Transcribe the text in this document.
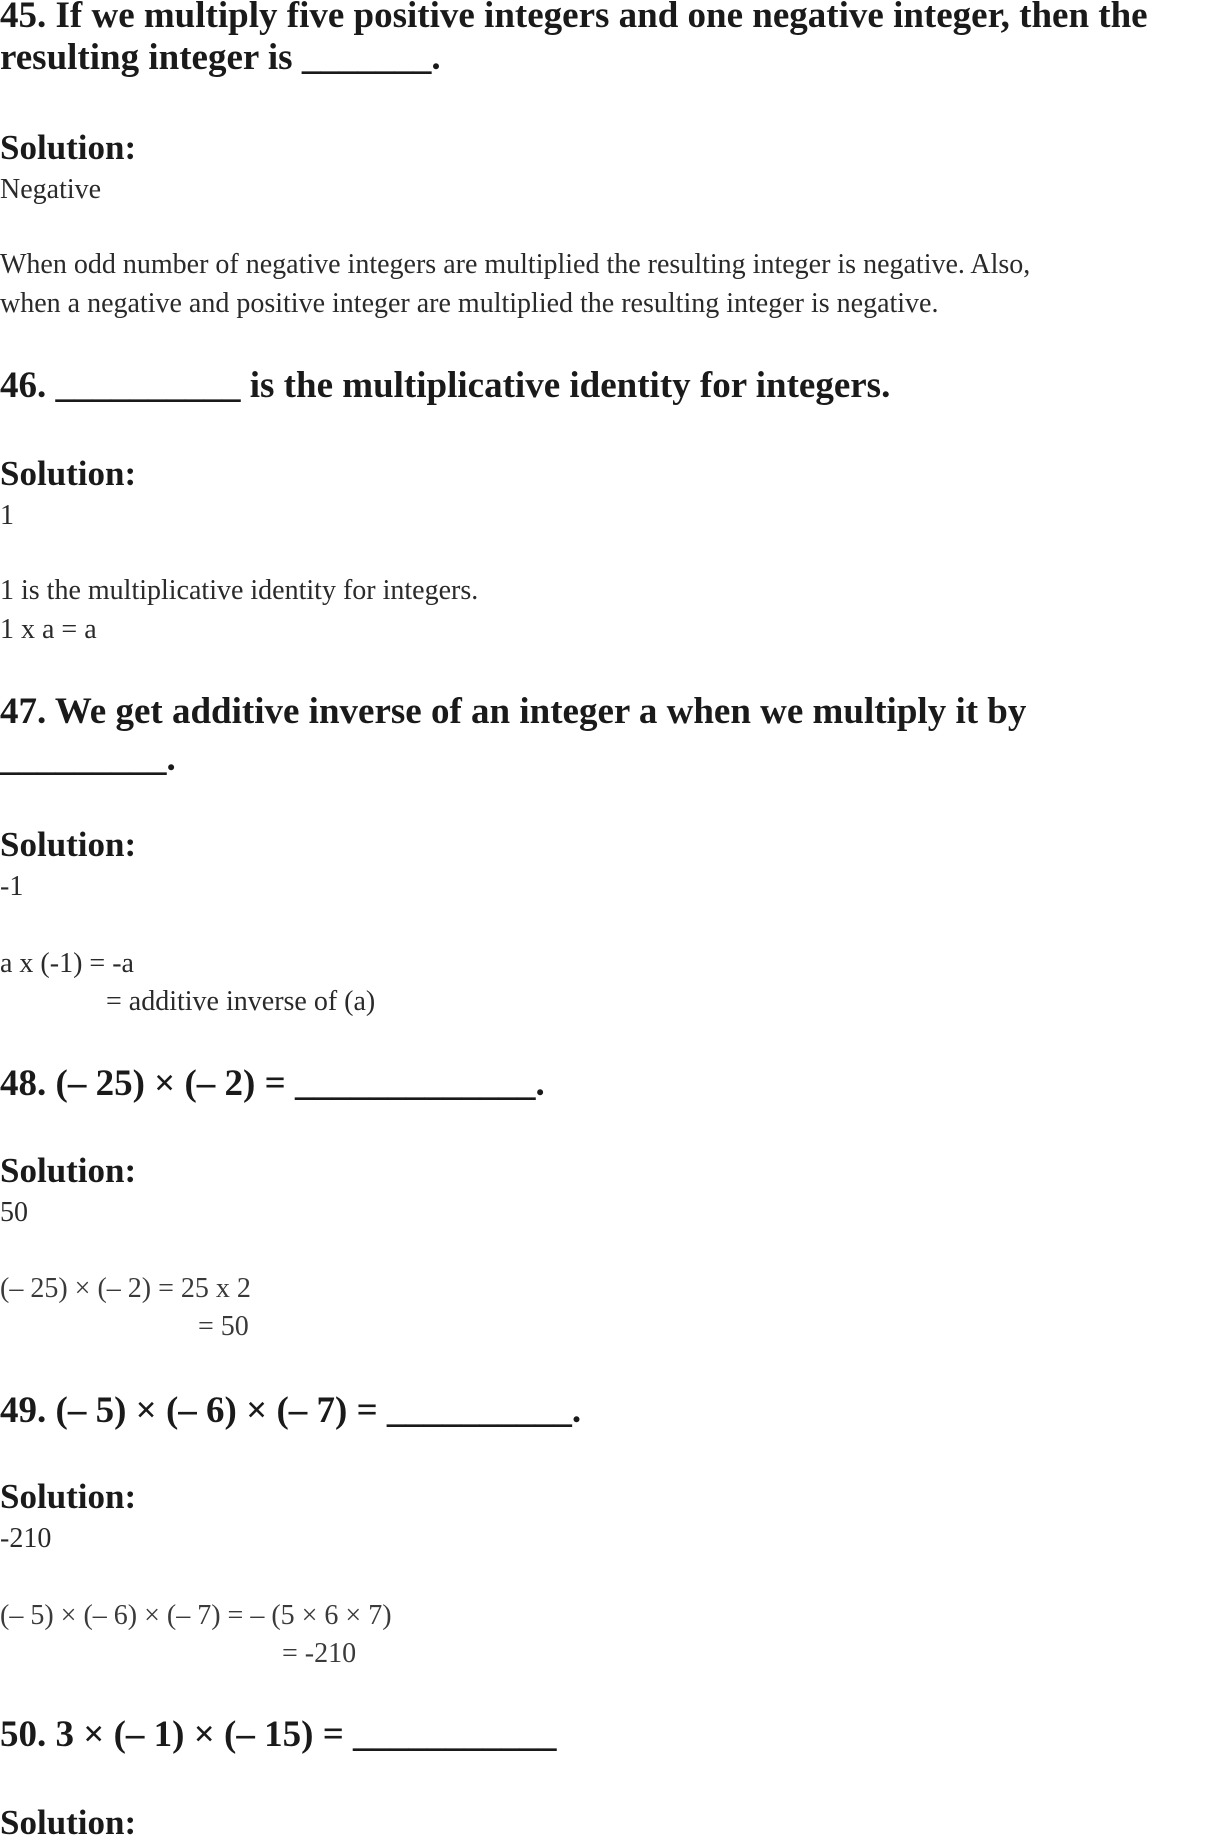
45. If we multiply five positive integers and one negative integer, then the

resulting integer is _______.

Solution:

Negative

When odd number of negative integers are multiplied the resulting integer is negative. Also,

when a negative and positive integer are multiplied the resulting integer is negative.

46. __________ is the multiplicative identity for integers.

Solution:

1

1 is the multiplicative identity for integers.

1 x a = a

47. We get additive inverse of an integer a when we multiply it by

_________.

Solution:

-1

a x (-1) = -a

= additive inverse of (a)

48. (– 25) × (– 2) = _____________.

Solution:

50

(– 25) × (– 2) = 25 x 2

= 50

49. (– 5) × (– 6) × (– 7) = __________.

Solution:

-210

(– 5) × (– 6) × (– 7) = – (5 × 6 × 7)

= -210

50. 3 × (– 1) × (– 15) = ___________

Solution:
